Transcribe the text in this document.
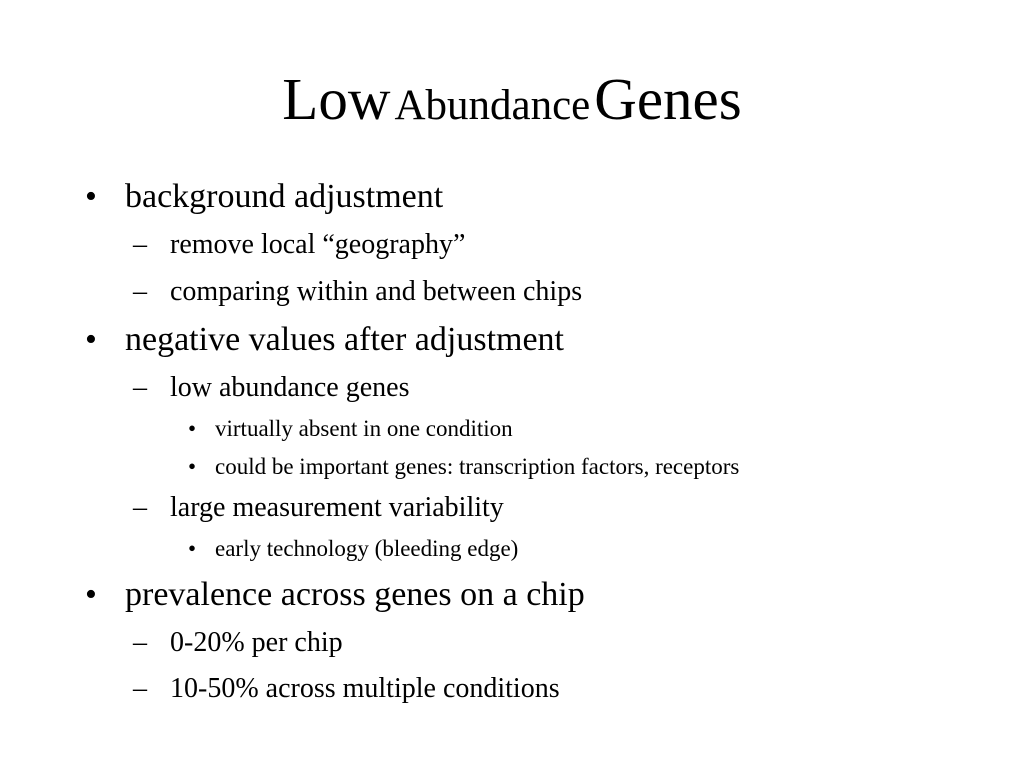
Low Abundance Genes
• background adjustment
– remove local “geography”
– comparing within and between chips
• negative values after adjustment
– low abundance genes
• virtually absent in one condition
• could be important genes: transcription factors, receptors
– large measurement variability
• early technology (bleeding edge)
• prevalence across genes on a chip
– 0-20% per chip
– 10-50% across multiple conditions
